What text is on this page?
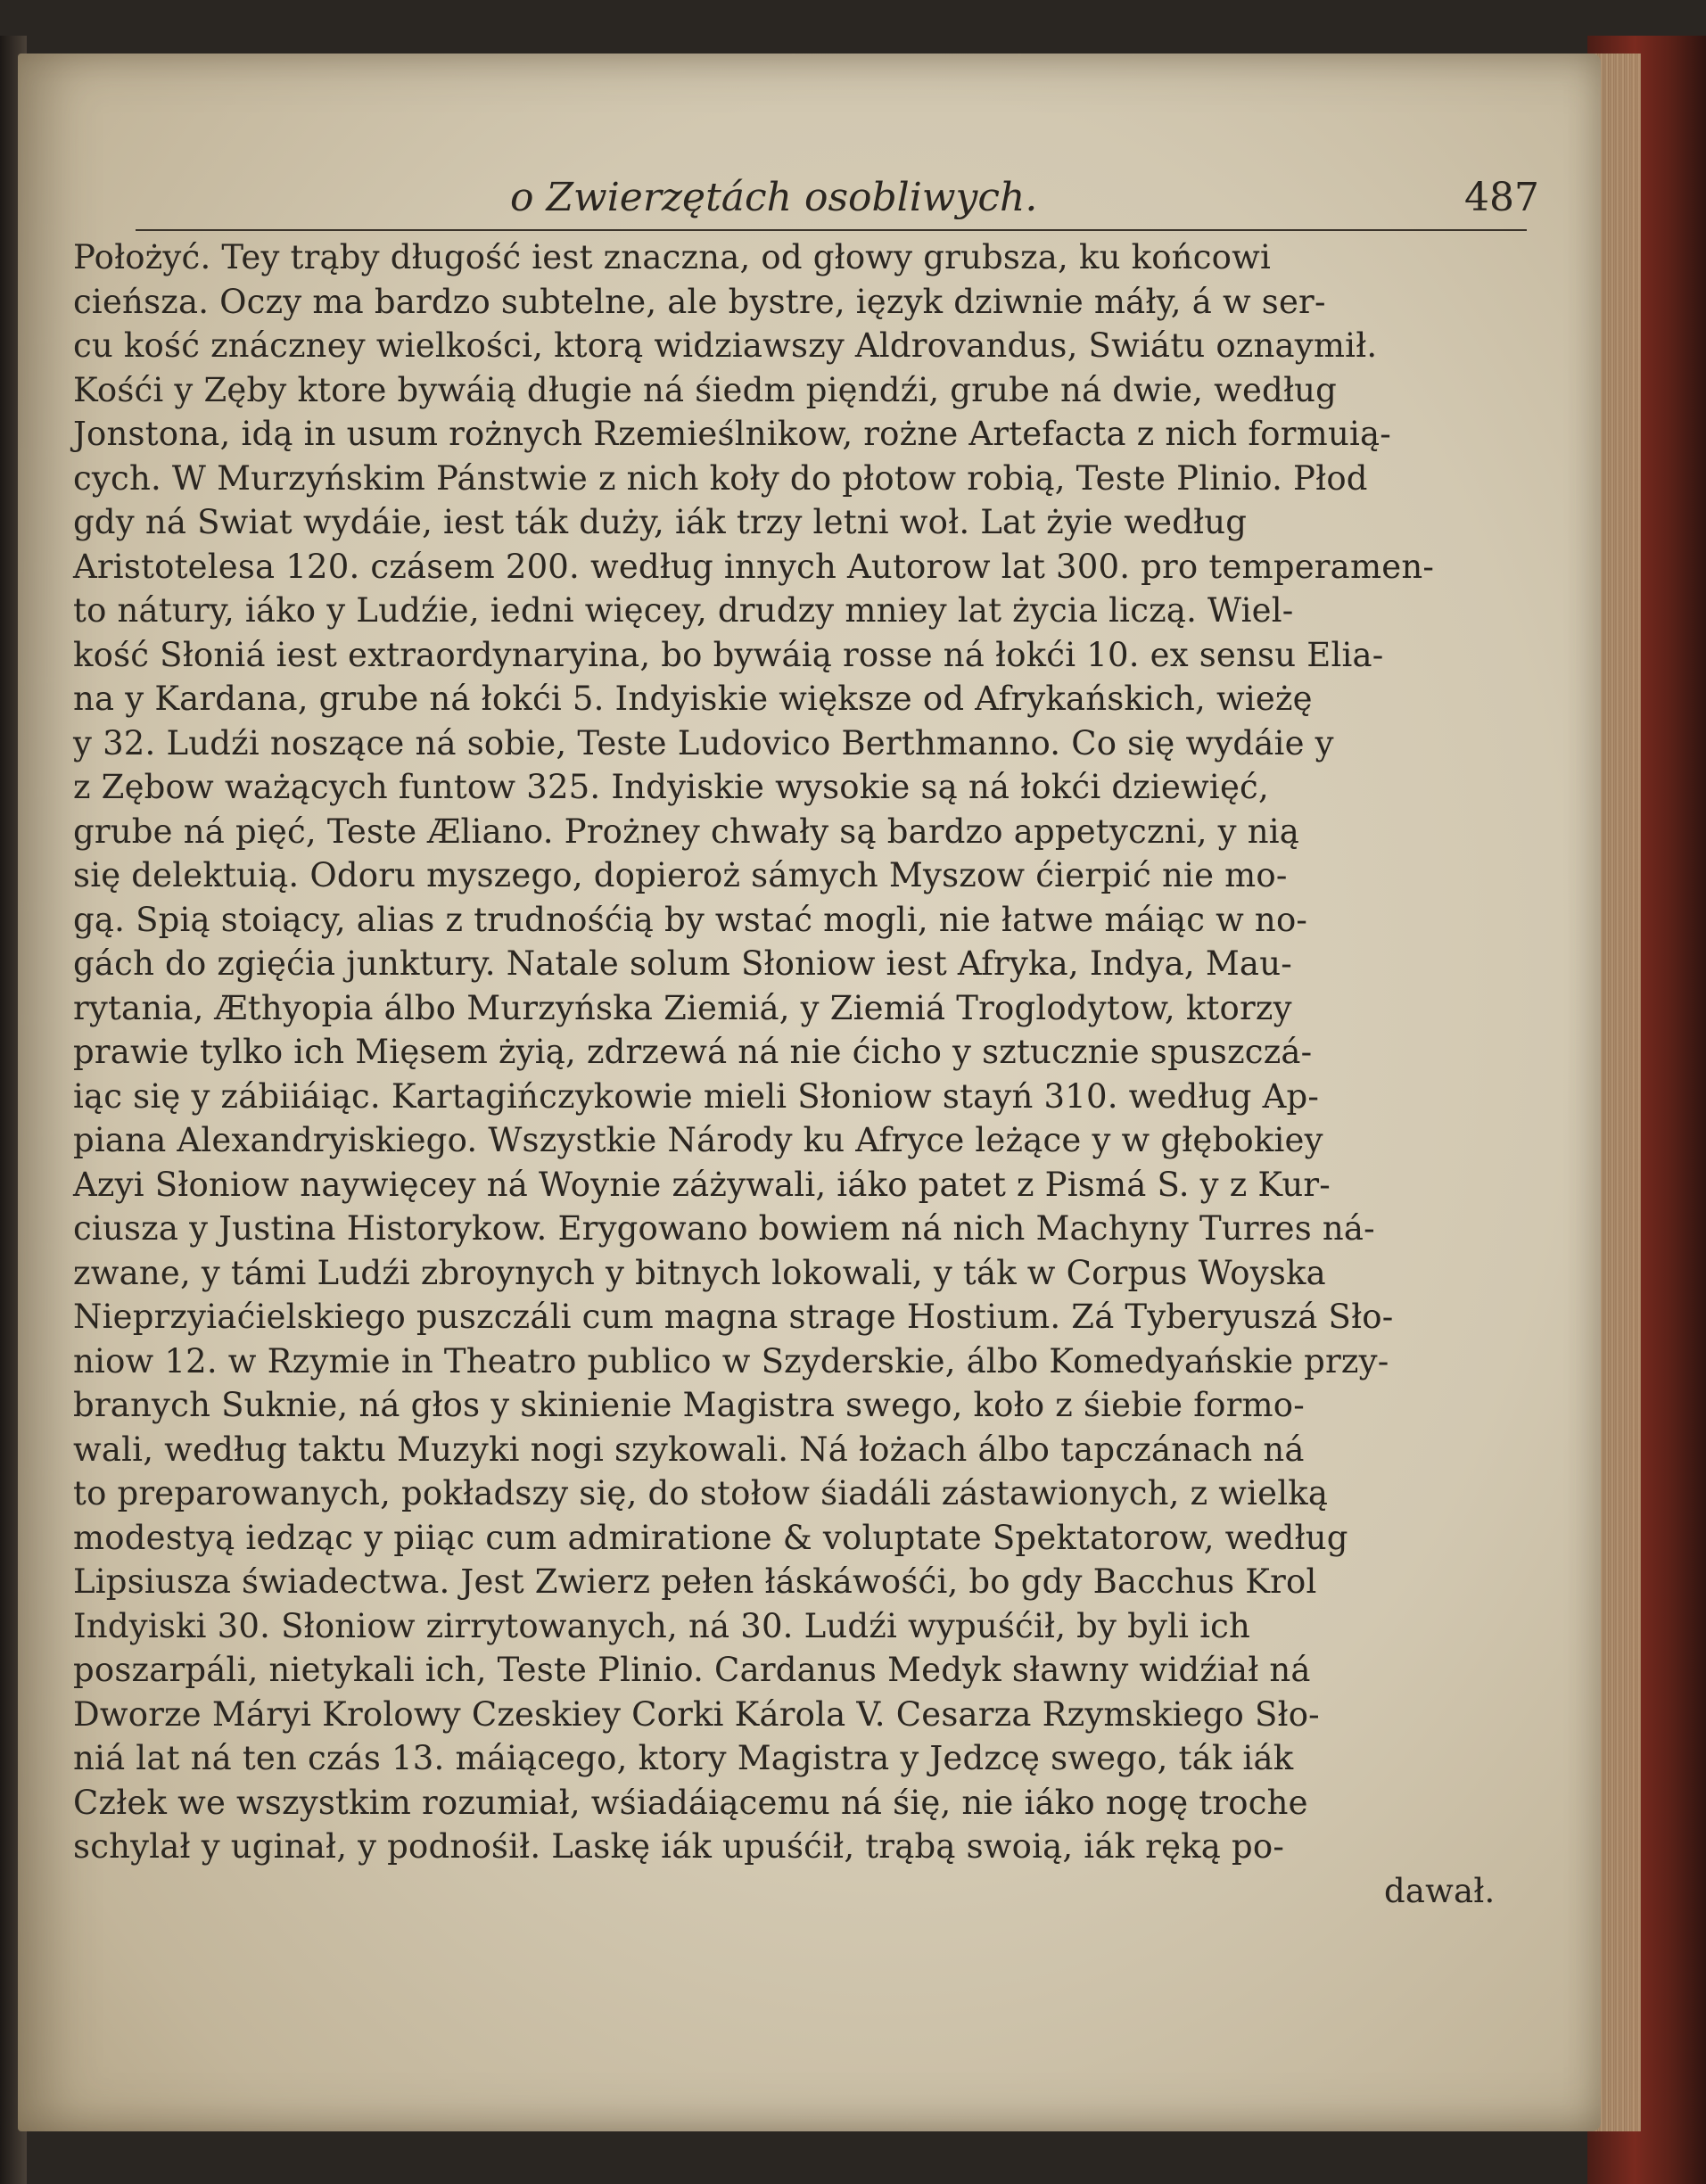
o Zwierzętách osobliwych.	487
Położyć. Tey trąby długość iest znaczna, od głowy grubsza, ku końcowi
cieńsza. Oczy ma bardzo subtelne, ale bystre, ięzyk dziwnie máły, á w ser-
cu kość znáczney wielkości, ktorą widziawszy Aldrovandus, Swiátu oznaymił.
Kośći y Zęby ktore bywáią długie ná śiedm pięndźi, grube ná dwie, według
Jonstona, idą in usum rożnych Rzemieślnikow, rożne Artefacta z nich formuią-
cych. W Murzyńskim Pánstwie z nich koły do płotow robią, Teste Plinio. Płod
gdy ná Swiat wydáie, iest ták duży, iák trzy letni woł. Lat żyie według
Aristotelesa 120. czásem 200. według innych Autorow lat 300. pro temperamen-
to nátury, iáko y Ludźie, iedni więcey, drudzy mniey lat życia liczą. Wiel-
kość Słoniá iest extraordynaryina, bo bywáią rosse ná łokći 10. ex sensu Elia-
na y Kardana, grube ná łokći 5. Indyiskie większe od Afrykańskich, wieżę
y 32. Ludźi noszące ná sobie, Teste Ludovico Berthmanno. Co się wydáie y
z Zębow ważących funtow 325. Indyiskie wysokie są ná łokći dziewięć,
grube ná pięć, Teste Æliano. Prożney chwały są bardzo appetyczni, y nią
się delektuią. Odoru myszego, dopieroż sámych Myszow ćierpić nie mo-
gą. Spią stoiący, alias z trudnośćią by wstać mogli, nie łatwe máiąc w no-
gách do zgięćia junktury. Natale solum Słoniow iest Afryka, Indya, Mau-
rytania, Æthyopia álbo Murzyńska Ziemiá, y Ziemiá Troglodytow, ktorzy
prawie tylko ich Mięsem żyią, zdrzewá ná nie ćicho y sztucznie spuszczá-
iąc się y zábiiáiąc. Kartagińczykowie mieli Słoniow stayń 310. według Ap-
piana Alexandryiskiego. Wszystkie Národy ku Afryce leżące y w głębokiey
Azyi Słoniow naywięcey ná Woynie záżywali, iáko patet z Pismá S. y z Kur-
ciusza y Justina Historykow. Erygowano bowiem ná nich Machyny Turres ná-
zwane, y támi Ludźi zbroynych y bitnych lokowali, y ták w Corpus Woyska
Nieprzyiaćielskiego puszczáli cum magna strage Hostium. Zá Tyberyuszá Sło-
niow 12. w Rzymie in Theatro publico w Szyderskie, álbo Komedyańskie przy-
branych Suknie, ná głos y skinienie Magistra swego, koło z śiebie formo-
wali, według taktu Muzyki nogi szykowali. Ná łożach álbo tapczánach ná
to preparowanych, pokładszy się, do stołow śiadáli zástawionych, z wielką
modestyą iedząc y piiąc cum admiratione & voluptate Spektatorow, według
Lipsiusza świadectwa. Jest Zwierz pełen łáskáwośći, bo gdy Bacchus Krol
Indyiski 30. Słoniow zirrytowanych, ná 30. Ludźi wypuśćił, by byli ich
poszarpáli, nietykali ich, Teste Plinio. Cardanus Medyk sławny widźiał ná
Dworze Máryi Krolowy Czeskiey Corki Károla V. Cesarza Rzymskiego Sło-
niá lat ná ten czás 13. máiącego, ktory Magistra y Jedzcę swego, ták iák
Człek we wszystkim rozumiał, wśiadáiącemu ná śię, nie iáko nogę troche
schylał y uginał, y podnośił. Laskę iák upuśćił, trąbą swoią, iák ręką po-
dawał.
